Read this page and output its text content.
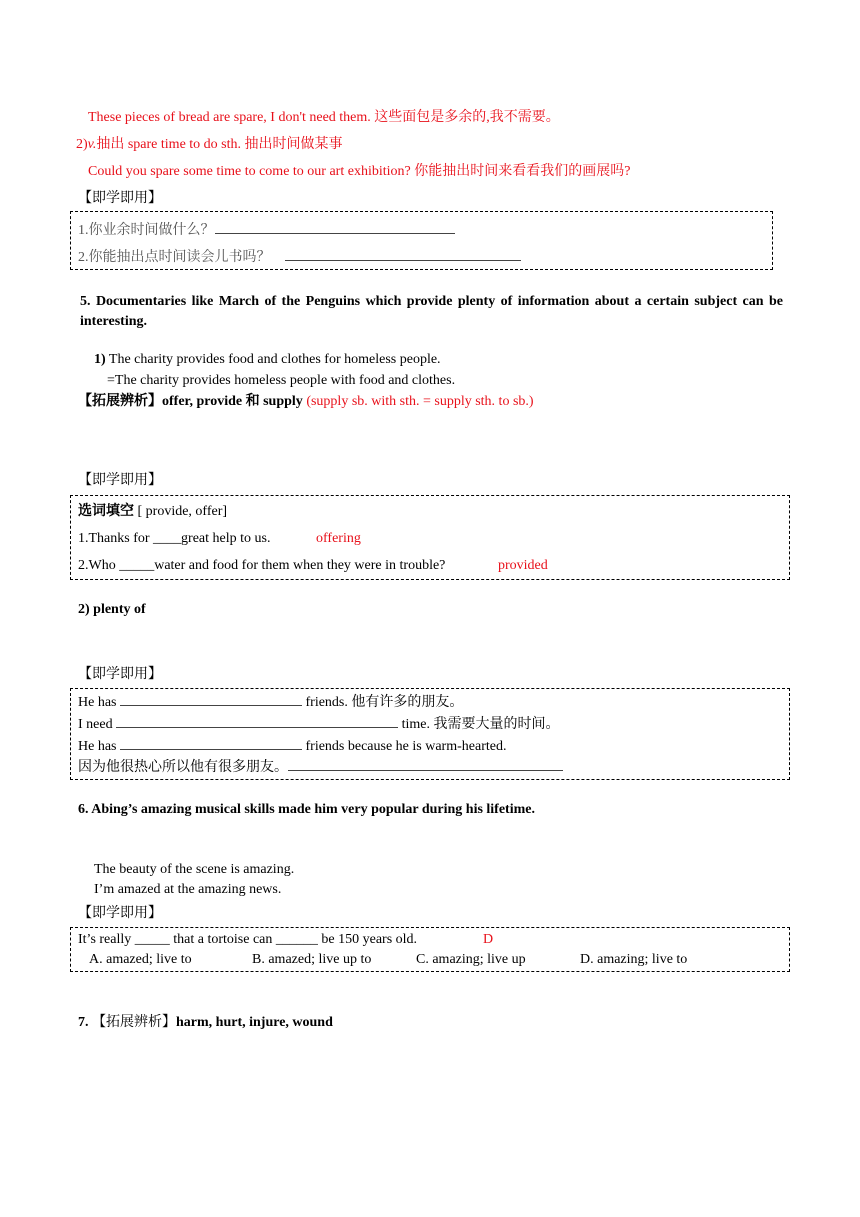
These pieces of bread are spare, I don't need them. 这些面包是多余的,我不需要。
2)v.抽出 spare time to do sth. 抽出时间做某事
Could you spare some time to come to our art exhibition? 你能抽出时间来看看我们的画展吗?
【即学即用】
1.你业余时间做什么？
2.你能抽出点时间读会儿书吗？
5. Documentaries like March of the Penguins which provide plenty of information about a certain subject can be interesting.
1) The charity provides food and clothes for homeless people.
=The charity provides homeless people with food and clothes.
【拓展辨析】offer, provide 和 supply (supply sb. with sth. = supply sth. to sb.)
【即学即用】
选词填空 [ provide, offer]
1.Thanks for ____great help to us.	offering
2.Who _____water and food for them when they were in trouble?	provided
2) plenty of
【即学即用】
He has	friends. 他有许多的朋友。
I need	time. 我需要大量的时间。
He has	friends because he is warm-hearted.
因为他很热心所以他有很多朋友。
6. Abing’s amazing musical skills made him very popular during his lifetime.
The beauty of the scene is amazing.
I’m amazed at the amazing news.
【即学即用】
It’s really _____ that a tortoise can ______ be 150 years old.	D
A. amazed; live to	B. amazed; live up to	C. amazing; live up	D. amazing; live to
7. 【拓展辨析】harm, hurt, injure, wound
